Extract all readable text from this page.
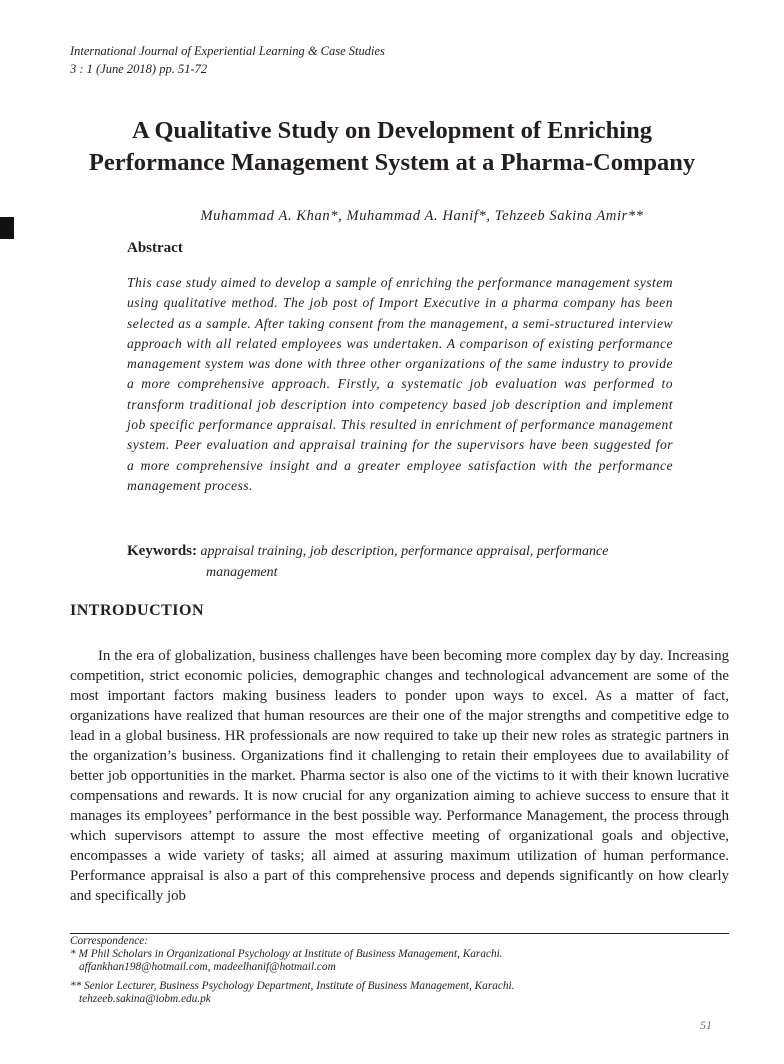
International Journal of Experiential Learning & Case Studies
3 : 1 (June 2018) pp. 51-72
A Qualitative Study on Development of Enriching
Performance Management System at a Pharma-Company
Muhammad A. Khan*, Muhammad A. Hanif*, Tehzeeb Sakina Amir**
Abstract
This case study aimed to develop a sample of enriching the performance management system using qualitative method. The job post of Import Executive in a pharma company has been selected as a sample. After taking consent from the management, a semi-structured interview approach with all related employees was undertaken. A comparison of existing performance management system was done with three other organizations of the same industry to provide a more comprehensive approach. Firstly, a systematic job evaluation was performed to transform traditional job description into competency based job description and implement job specific performance appraisal. This resulted in enrichment of performance management system. Peer evaluation and appraisal training for the supervisors have been suggested for a more comprehensive insight and a greater employee satisfaction with the performance management process.
Keywords: appraisal training, job description, performance appraisal, performance
management
INTRODUCTION
In the era of globalization, business challenges have been becoming more complex day by day. Increasing competition, strict economic policies, demographic changes and technological advancement are some of the most important factors making business leaders to ponder upon ways to excel. As a matter of fact, organizations have realized that human resources are their one of the major strengths and competitive edge to lead in a global business. HR professionals are now required to take up their new roles as strategic partners in the organization’s business. Organizations find it challenging to retain their employees due to availability of better job opportunities in the market. Pharma sector is also one of the victims to it with their known lucrative compensations and rewards. It is now crucial for any organization aiming to achieve success to ensure that it manages its employees’ performance in the best possible way. Performance Management, the process through which supervisors attempt to assure the most effective meeting of organizational goals and objective, encompasses a wide variety of tasks; all aimed at assuring maximum utilization of human performance. Performance appraisal is also a part of this comprehensive process and depends significantly on how clearly and specifically job
Correspondence:
* M Phil Scholars in Organizational Psychology at Institute of Business Management, Karachi.
affankhan198@hotmail.com, madeelhanif@hotmail.com
** Senior Lecturer, Business Psychology Department, Institute of Business Management, Karachi.
tehzeeb.sakina@iobm.edu.pk
51
